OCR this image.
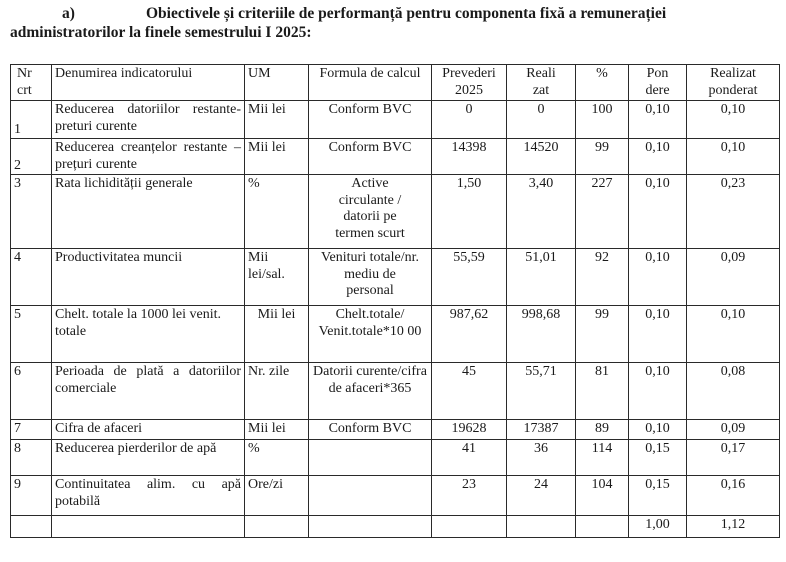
a)	Obiectivele și criteriile de performanță pentru componenta fixă a remunerației
administratorilor la finele semestrului I 2025:
Nr crt	Denumirea indicatorului	UM	Formula de calcul	Prevederi 2025	Reali zat	%	Pon dere	Realizat ponderat
1	Reducerea datoriilor restante-preturi curente	Mii lei	Conform BVC	0	0	100	0,10	0,10
2	Reducerea creanțelor restante – prețuri curente	Mii lei	Conform BVC	14398	14520	99	0,10	0,10
3	Rata lichidității generale	%	Active circulante / datorii pe termen scurt	1,50	3,40	227	0,10	0,23
4	Productivitatea muncii	Mii lei/sal.	Venituri totale/nr. mediu de personal	55,59	51,01	92	0,10	0,09
5	Chelt. totale la 1000 lei venit. totale	Mii lei	Chelt.totale/ Venit.totale*10 00	987,62	998,68	99	0,10	0,10
6	Perioada de plată a datoriilor comerciale	Nr. zile	Datorii curente/cifra de afaceri*365	45	55,71	81	0,10	0,08
7	Cifra de afaceri	Mii lei	Conform BVC	19628	17387	89	0,10	0,09
8	Reducerea pierderilor de apă	%		41	36	114	0,15	0,17
9	Continuitatea alim. cu apă potabilă	Ore/zi		23	24	104	0,15	0,16
							1,00	1,12
